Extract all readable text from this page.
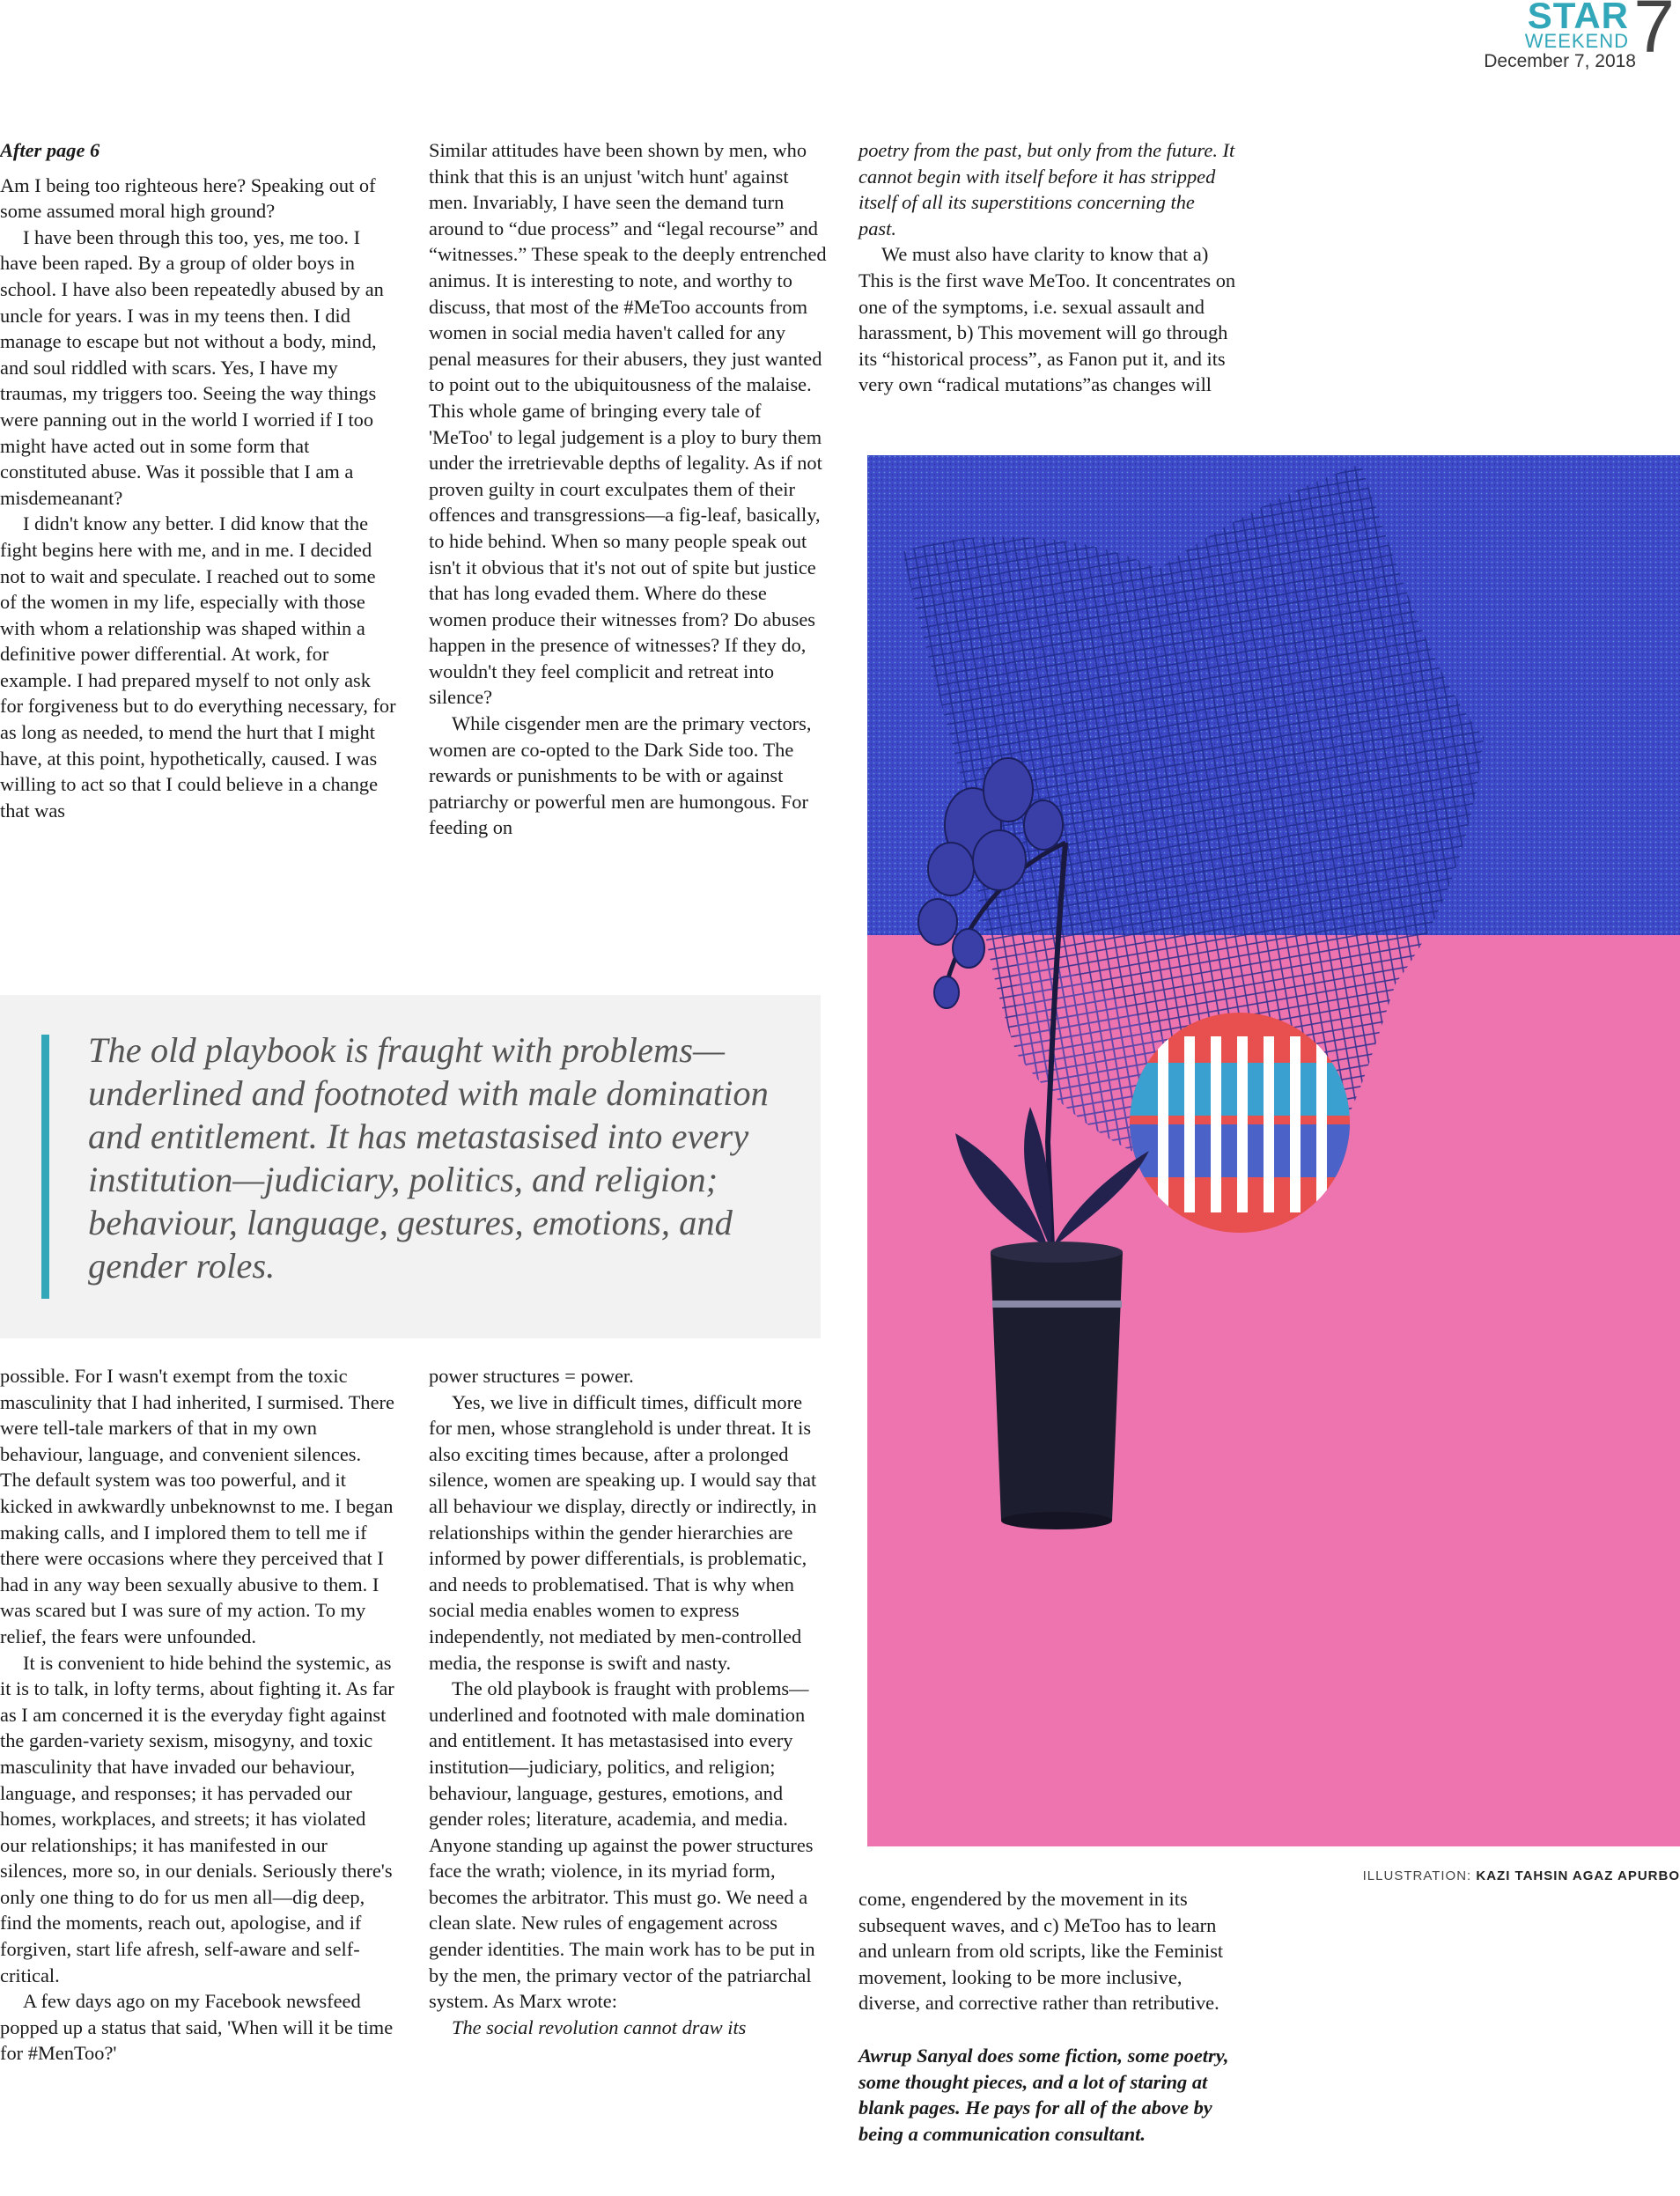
STAR
WEEKEND
December 7, 2018
7

After page 6

Am I being too righteous here? Speaking out of some assumed moral high ground?

I have been through this too, yes, me too. I have been raped. By a group of older boys in school. I have also been repeatedly abused by an uncle for years. I was in my teens then. I did manage to escape but not without a body, mind, and soul riddled with scars. Yes, I have my traumas, my triggers too. Seeing the way things were panning out in the world I worried if I too might have acted out in some form that constituted abuse. Was it possible that I am a misdemeanant?

I didn't know any better. I did know that the fight begins here with me, and in me. I decided not to wait and speculate. I reached out to some of the women in my life, especially with those with whom a relationship was shaped within a definitive power differential. At work, for example. I had prepared myself to not only ask for forgiveness but to do everything necessary, for as long as needed, to mend the hurt that I might have, at this point, hypothetically, caused. I was willing to act so that I could believe in a change that was

Similar attitudes have been shown by men, who think that this is an unjust 'witch hunt' against men. Invariably, I have seen the demand turn around to “due process” and “legal recourse” and “witnesses.” These speak to the deeply entrenched animus. It is interesting to note, and worthy to discuss, that most of the #MeToo accounts from women in social media haven't called for any penal measures for their abusers, they just wanted to point out to the ubiquitousness of the malaise. This whole game of bringing every tale of 'MeToo' to legal judgement is a ploy to bury them under the irretrievable depths of legality. As if not proven guilty in court exculpates them of their offences and transgressions—a fig-leaf, basically, to hide behind. When so many people speak out isn't it obvious that it's not out of spite but justice that has long evaded them. Where do these women produce their witnesses from? Do abuses happen in the presence of witnesses? If they do, wouldn't they feel complicit and retreat into silence?

While cisgender men are the primary vectors, women are co-opted to the Dark Side too. The rewards or punishments to be with or against patriarchy or powerful men are humongous. For feeding on

poetry from the past, but only from the future. It cannot begin with itself before it has stripped itself of all its superstitions concerning the past.

We must also have clarity to know that a) This is the first wave MeToo. It concentrates on one of the symptoms, i.e. sexual assault and harassment, b) This movement will go through its “historical process”, as Fanon put it, and its very own “radical mutations”as changes will

The old playbook is fraught with problems—underlined and footnoted with male domination and entitlement. It has metastasised into every institution—judiciary, politics, and religion; behaviour, language, gestures, emotions, and gender roles.
ILLUSTRATION: KAZI TAHSIN AGAZ APURBO

possible. For I wasn't exempt from the toxic masculinity that I had inherited, I surmised. There were tell-tale markers of that in my own behaviour, language, and convenient silences. The default system was too powerful, and it kicked in awkwardly unbeknownst to me. I began making calls, and I implored them to tell me if there were occasions where they perceived that I had in any way been sexually abusive to them. I was scared but I was sure of my action. To my relief, the fears were unfounded.

It is convenient to hide behind the systemic, as it is to talk, in lofty terms, about fighting it. As far as I am concerned it is the everyday fight against the garden-variety sexism, misogyny, and toxic masculinity that have invaded our behaviour, language, and responses; it has pervaded our homes, workplaces, and streets; it has violated our relationships; it has manifested in our silences, more so, in our denials. Seriously there's only one thing to do for us men all—dig deep, find the moments, reach out, apologise, and if forgiven, start life afresh, self-aware and self-critical.

A few days ago on my Facebook newsfeed popped up a status that said, 'When will it be time for #MenToo?'

power structures = power.

Yes, we live in difficult times, difficult more for men, whose stranglehold is under threat. It is also exciting times because, after a prolonged silence, women are speaking up. I would say that all behaviour we display, directly or indirectly, in relationships within the gender hierarchies are informed by power differentials, is problematic, and needs to problematised. That is why when social media enables women to express independently, not mediated by men-controlled media, the response is swift and nasty.

The old playbook is fraught with problems—underlined and footnoted with male domination and entitlement. It has metastasised into every institution—judiciary, politics, and religion; behaviour, language, gestures, emotions, and gender roles; literature, academia, and media. Anyone standing up against the power structures face the wrath; violence, in its myriad form, becomes the arbitrator. This must go. We need a clean slate. New rules of engagement across gender identities. The main work has to be put in by the men, the primary vector of the patriarchal system. As Marx wrote:

The social revolution cannot draw its

come, engendered by the movement in its subsequent waves, and c) MeToo has to learn and unlearn from old scripts, like the Feminist movement, looking to be more inclusive, diverse, and corrective rather than retributive.

Awrup Sanyal does some fiction, some poetry, some thought pieces, and a lot of staring at blank pages. He pays for all of the above by being a communication consultant.
